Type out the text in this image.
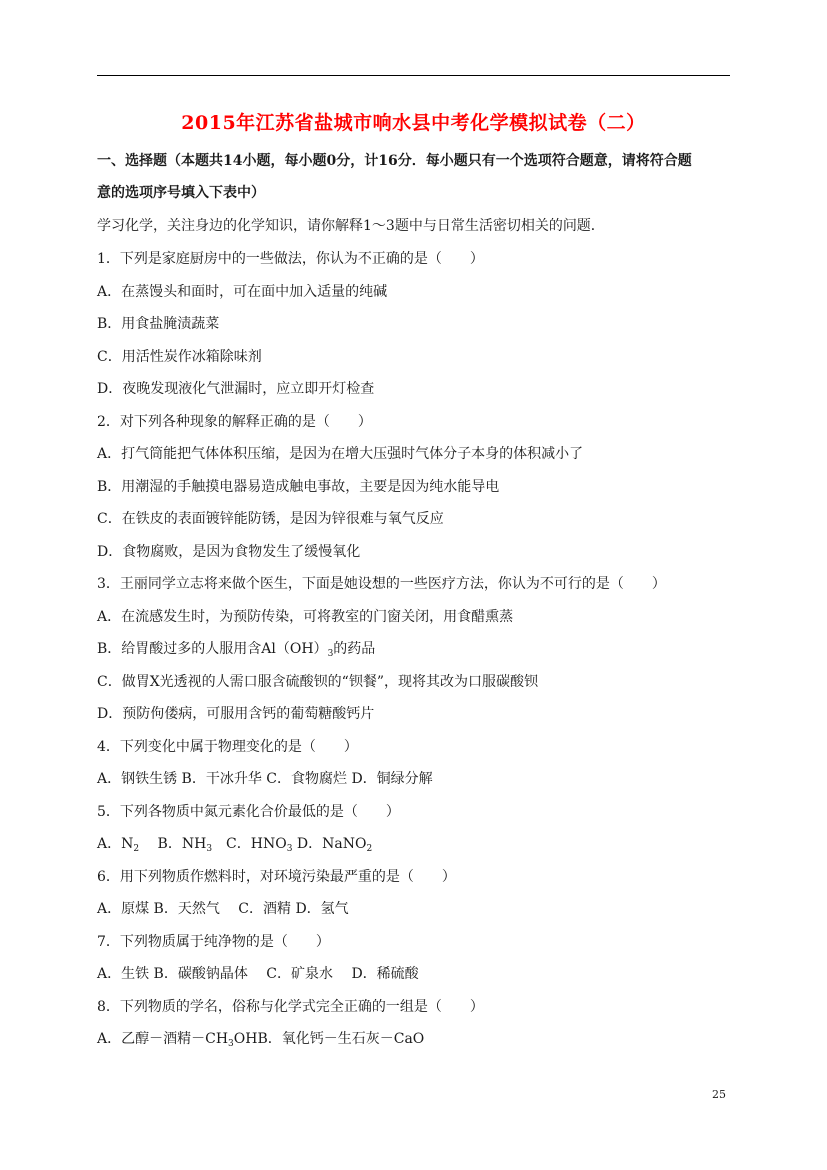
2015年江苏省盐城市响水县中考化学模拟试卷（二）
一、选择题（本题共14小题，每小题0分，计16分．每小题只有一个选项符合题意，请将符合题
意的选项序号填入下表中）
学习化学，关注身边的化学知识，请你解释1～3题中与日常生活密切相关的问题．
1．下列是家庭厨房中的一些做法，你认为不正确的是（　　）
A．在蒸馒头和面时，可在面中加入适量的纯碱
B．用食盐腌渍蔬菜
C．用活性炭作冰箱除味剂
D．夜晚发现液化气泄漏时，应立即开灯检查
2．对下列各种现象的解释正确的是（　　）
A．打气筒能把气体体积压缩，是因为在增大压强时气体分子本身的体积减小了
B．用潮湿的手触摸电器易造成触电事故，主要是因为纯水能导电
C．在铁皮的表面镀锌能防锈，是因为锌很难与氧气反应
D．食物腐败，是因为食物发生了缓慢氧化
3．王丽同学立志将来做个医生，下面是她设想的一些医疗方法，你认为不可行的是（　　）
A．在流感发生时，为预防传染，可将教室的门窗关闭，用食醋熏蒸
B．给胃酸过多的人服用含$Al(OH)_3$的药品
C．做胃X光透视的人需口服含硫酸钡的“钡餐”，现将其改为口服碳酸钡
D．预防佝偻病，可服用含钙的葡萄糖酸钙片
4．下列变化中属于物理变化的是（　　）
A．钢铁生锈 B．干冰升华 C．食物腐烂 D．铜绿分解
5．下列各物质中氮元素化合价最低的是（　　）
A．$N_2$　 B．$NH_3$　C．$HNO_3$ D．NaNO$_2$
6．用下列物质作燃料时，对环境污染最严重的是（　　）
A．原煤 B．天然气　 C．酒精 D．氢气
7．下列物质属于纯净物的是（　　）
A．生铁 B．碳酸钠晶体　 C．矿泉水　 D．稀硫酸
8．下列物质的学名，俗称与化学式完全正确的一组是（　　）
A．乙醇－酒精$-CH_3OHB$．氧化钙－生石灰－CaO
25
